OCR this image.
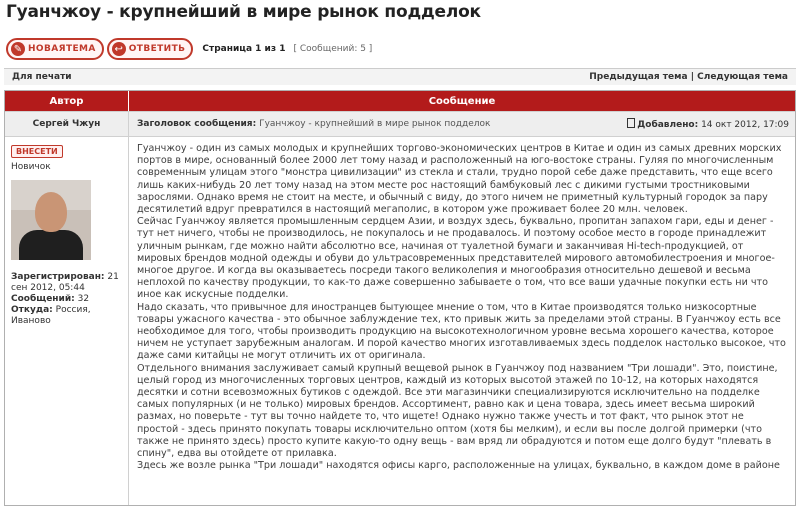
Гуанчжоу - крупнейший в мире рынок подделок
✎ НОВАЯТЕМА ↩ ОТВЕТИТЬ Страница 1 из 1 [ Сообщений: 5 ]
Для печати	Предыдущая тема | Следующая тема
Автор	Сообщение
Сергей Чжун	Заголовок сообщения: Гуанчжоу - крупнейший в мире рынок подделок	Добавлено: 14 окт 2012, 17:09
ВНЕСЕТИ
Новичок
Зарегистрирован: 21 сен 2012, 05:44
Сообщений: 32
Откуда: Россия, Иваново

Гуанчжоу - один из самых молодых и крупнейших торгово-экономических центров в Китае и один из самых древних морских портов в мире, основанный более 2000 лет тому назад и расположенный на юго-востоке страны. Гуляя по многочисленным современным улицам этого "монстра цивилизации" из стекла и стали, трудно порой себе даже представить, что еще всего лишь каких-нибудь 20 лет тому назад на этом месте рос настоящий бамбуковый лес с дикими густыми тростниковыми зарослями. Однако время не стоит на месте, и обычный с виду, до этого ничем не приметный культурный городок за пару десятилетий вдруг превратился в настоящий мегаполис, в котором уже проживает более 20 млн. человек.

Сейчас Гуанчжоу является промышленным сердцем Азии, и воздух здесь, буквально, пропитан запахом гари, еды и денег - тут нет ничего, чтобы не производилось, не покупалось и не продавалось. И поэтому особое место в городе принадлежит уличным рынкам, где можно найти абсолютно все, начиная от туалетной бумаги и заканчивая Hi-tech-продукцией, от мировых брендов модной одежды и обуви до ультрасовременных представителей мирового автомобилестроения и многое-многое другое. И когда вы оказываетесь посреди такого великолепия и многообразия относительно дешевой и весьма неплохой по качеству продукции, то как-то даже совершенно забываете о том, что все ваши удачные покупки есть ни что иное как искусные подделки.

Надо сказать, что привычное для иностранцев бытующее мнение о том, что в Китае производятся только низкосортные товары ужасного качества - это обычное заблуждение тех, кто привык жить за пределами этой страны. В Гуанчжоу есть все необходимое для того, чтобы производить продукцию на высокотехнологичном уровне весьма хорошего качества, которое ничем не уступает зарубежным аналогам. И порой качество многих изготавливаемых здесь подделок настолько высокое, что даже сами китайцы не могут отличить их от оригинала.

Отдельного внимания заслуживает самый крупный вещевой рынок в Гуанчжоу под названием "Три лошади". Это, поистине, целый город из многочисленных торговых центров, каждый из которых высотой этажей по 10-12, на которых находятся десятки и сотни всевозможных бутиков с одеждой. Все эти магазинчики специализируются исключительно на подделке самых популярных (и не только) мировых брендов. Ассортимент, равно как и цена товара, здесь имеет весьма широкий размах, но поверьте - тут вы точно найдете то, что ищете! Однако нужно также учесть и тот факт, что рынок этот не простой - здесь принято покупать товары исключительно оптом (хотя бы мелким), и если вы после долгой примерки (что также не принято здесь) просто купите какую-то одну вещь - вам вряд ли обрадуются и потом еще долго будут "плевать в спину", едва вы отойдете от прилавка.

Здесь же возле рынка "Три лошади" находятся офисы карго, расположенные на улицах, буквально, в каждом доме в районе
